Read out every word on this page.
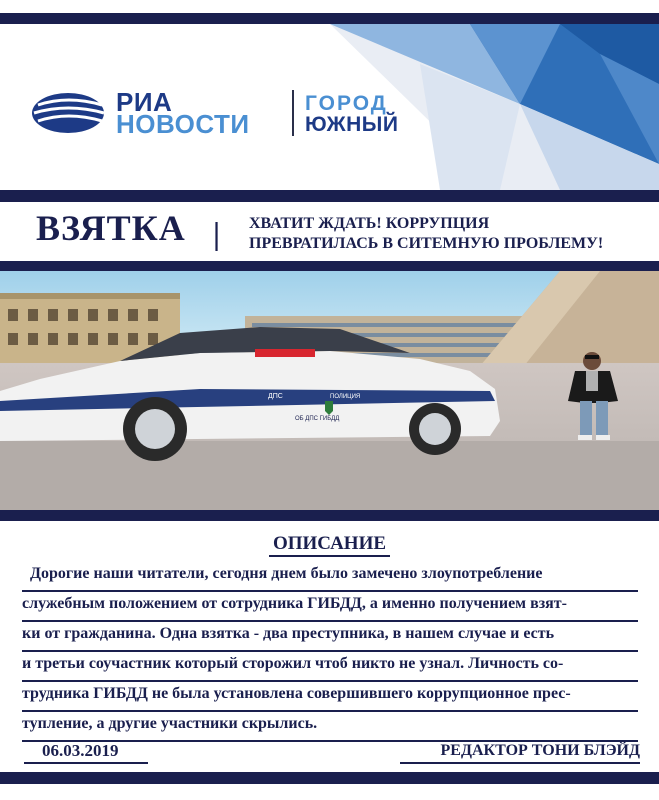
РИА
НОВОСТИ
ГОРОД
ЮЖНЫЙ
ВЗЯТКА | ХВАТИТ ЖДАТЬ! КОРРУПЦИЯ
ПРЕВРАТИЛАСЬ В СИТЕМНУЮ ПРОБЛЕМУ!
ПОЛИЦИЯ
ОБ ДПС ГИБДД
ДПС
ОПИСАНИЕ
Дорогие наши читатели, сегодня днем было замечено злоупотребление
служебным положением от сотрудника ГИБДД, а именно получением взят-
ки от гражданина. Одна взятка - два преступника, в нашем случае и есть
и третьи соучастник который сторожил чтоб никто не узнал. Личность со-
трудника ГИБДД не была установлена совершившего коррупционное прес-
тупление, а другие участники скрылись.
06.03.2019	РЕДАКТОР ТОНИ БЛЭЙД
